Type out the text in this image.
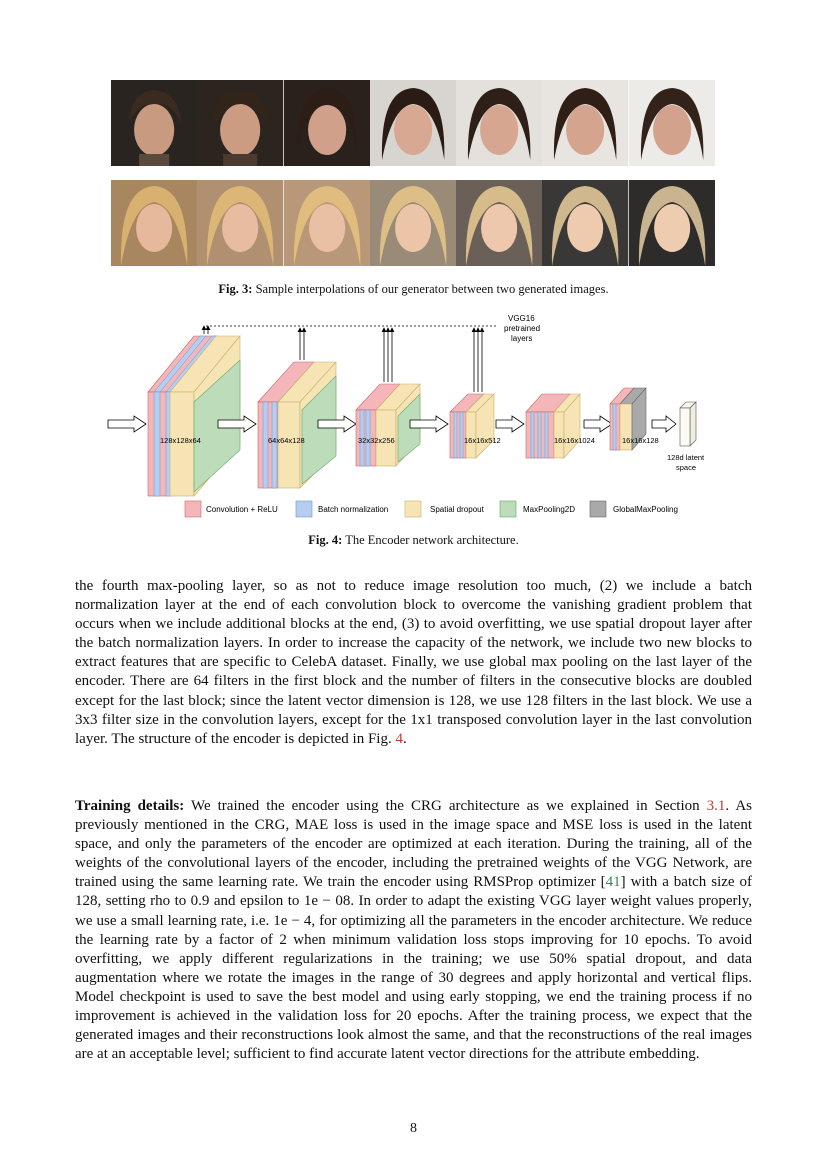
Fig. 3: Sample interpolations of our generator between two generated images.
VGG16
pretrained
layers
128x128x64	64x64x128	32x32x256	16x16x512	16x16x1024	16x16x128
128d latent
space
Convolution + ReLU	Batch normalization	Spatial dropout	MaxPooling2D	GlobalMaxPooling
Fig. 4: The Encoder network architecture.

the fourth max-pooling layer, so as not to reduce image resolution too much, (2) we include a batch normalization layer at the end of each convolution block to overcome the vanishing gradient problem that occurs when we include additional blocks at the end, (3) to avoid overfitting, we use spatial dropout layer after the batch normalization layers. In order to increase the capacity of the network, we include two new blocks to extract features that are specific to CelebA dataset. Finally, we use global max pooling on the last layer of the encoder. There are 64 filters in the first block and the number of filters in the consecutive blocks are doubled except for the last block; since the latent vector dimension is 128, we use 128 filters in the last block. We use a 3x3 filter size in the convolution layers, except for the 1x1 transposed convolution layer in the last convolution layer. The structure of the encoder is depicted in Fig. 4.

Training details: We trained the encoder using the CRG architecture as we explained in Section 3.1. As previously mentioned in the CRG, MAE loss is used in the image space and MSE loss is used in the latent space, and only the parameters of the encoder are optimized at each iteration. During the training, all of the weights of the convolutional layers of the encoder, including the pretrained weights of the VGG Network, are trained using the same learning rate. We train the encoder using RMSProp optimizer [41] with a batch size of 128, setting rho to 0.9 and epsilon to 1e − 08. In order to adapt the existing VGG layer weight values properly, we use a small learning rate, i.e. 1e − 4, for optimizing all the parameters in the encoder architecture. We reduce the learning rate by a factor of 2 when minimum validation loss stops improving for 10 epochs. To avoid overfitting, we apply different regularizations in the training; we use 50% spatial dropout, and data augmentation where we rotate the images in the range of 30 degrees and apply horizontal and vertical flips. Model checkpoint is used to save the best model and using early stopping, we end the training process if no improvement is achieved in the validation loss for 20 epochs. After the training process, we expect that the generated images and their reconstructions look almost the same, and that the reconstructions of the real images are at an acceptable level; sufficient to find accurate latent vector directions for the attribute embedding.

8
